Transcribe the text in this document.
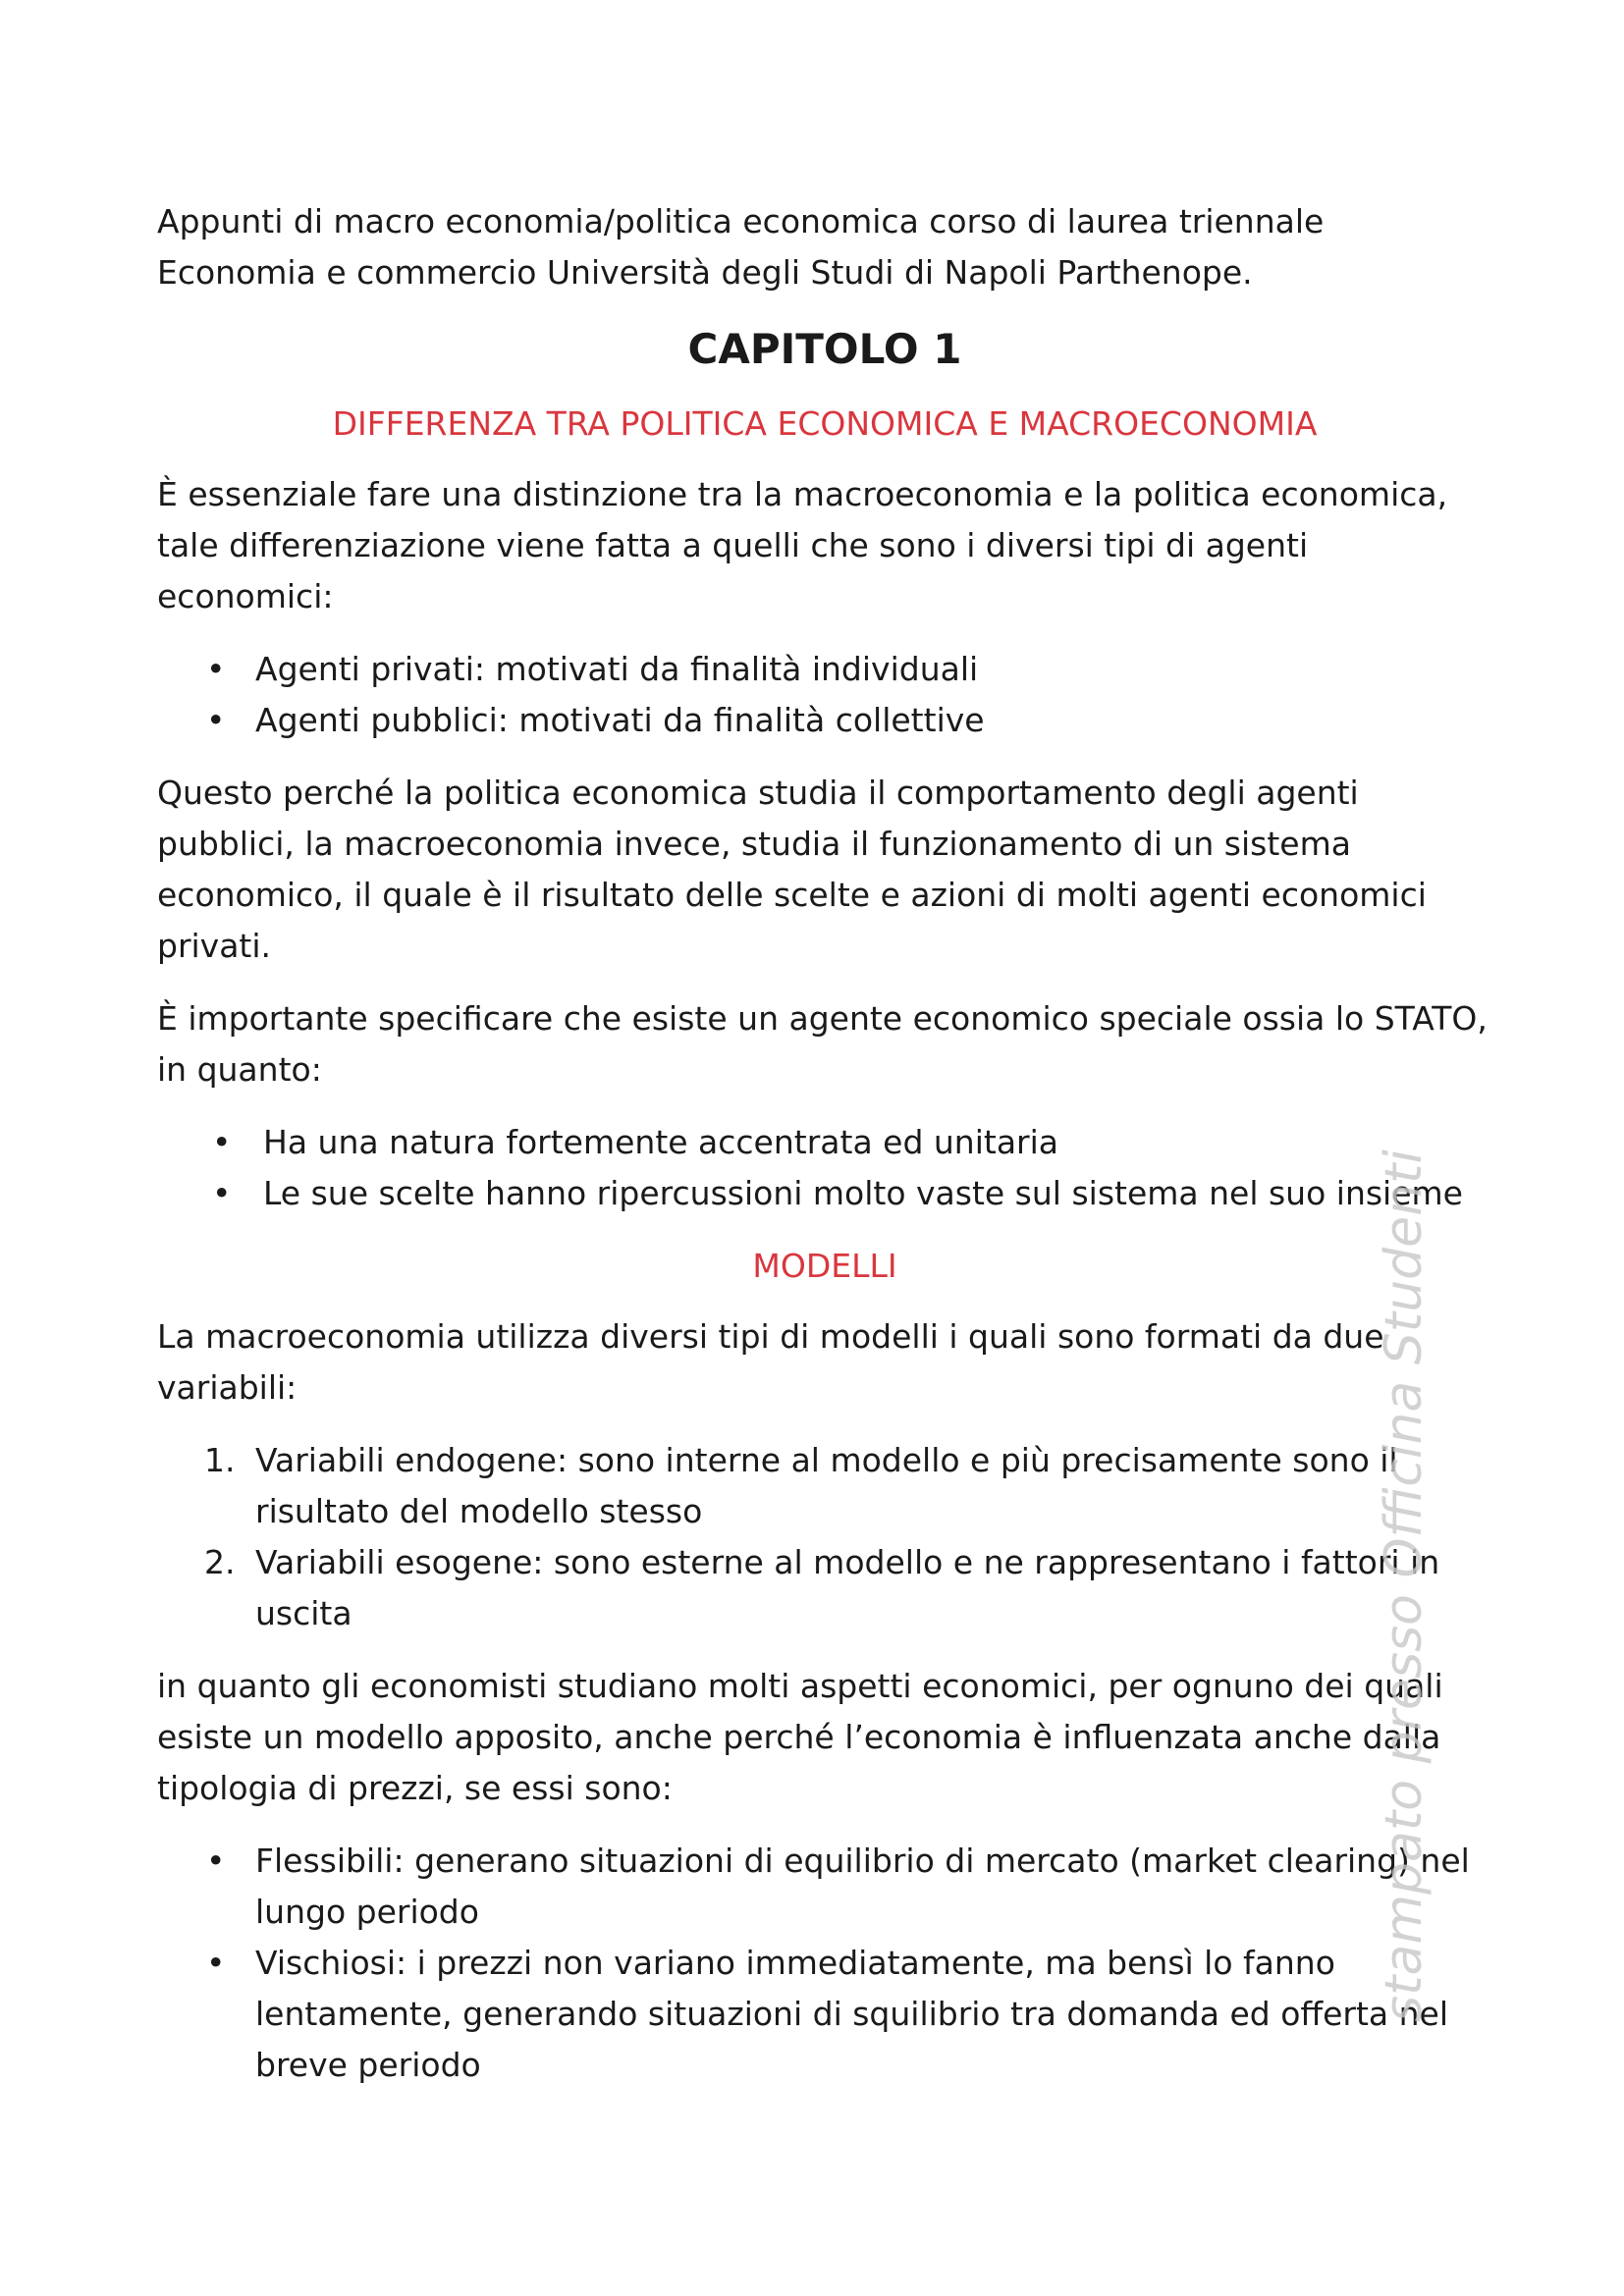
Appunti di macro economia/politica economica corso di laurea triennale Economia e commercio Università degli Studi di Napoli Parthenope.

CAPITOLO 1
DIFFERENZA TRA POLITICA ECONOMICA E MACROECONOMIA

È essenziale fare una distinzione tra la macroeconomia e la politica economica, tale differenziazione viene fatta a quelli che sono i diversi tipi di agenti economici:

• Agenti privati: motivati da finalità individuali
• Agenti pubblici: motivati da finalità collettive

Questo perché la politica economica studia il comportamento degli agenti pubblici, la macroeconomia invece, studia il funzionamento di un sistema economico, il quale è il risultato delle scelte e azioni di molti agenti economici privati.

È importante specificare che esiste un agente economico speciale ossia lo STATO, in quanto:

• Ha una natura fortemente accentrata ed unitaria
• Le sue scelte hanno ripercussioni molto vaste sul sistema nel suo insieme
MODELLI

La macroeconomia utilizza diversi tipi di modelli i quali sono formati da due variabili:

1. Variabili endogene: sono interne al modello e più precisamente sono il risultato del modello stesso
2. Variabili esogene: sono esterne al modello e ne rappresentano i fattori in uscita

in quanto gli economisti studiano molti aspetti economici, per ognuno dei quali esiste un modello apposito, anche perché l’economia è influenzata anche dalla tipologia di prezzi, se essi sono:

• Flessibili: generano situazioni di equilibrio di mercato (market clearing) nel lungo periodo
• Vischiosi: i prezzi non variano immediatamente, ma bensì lo fanno lentamente, generando situazioni di squilibrio tra domanda ed offerta nel breve periodo
stampato presso Officina Studenti
